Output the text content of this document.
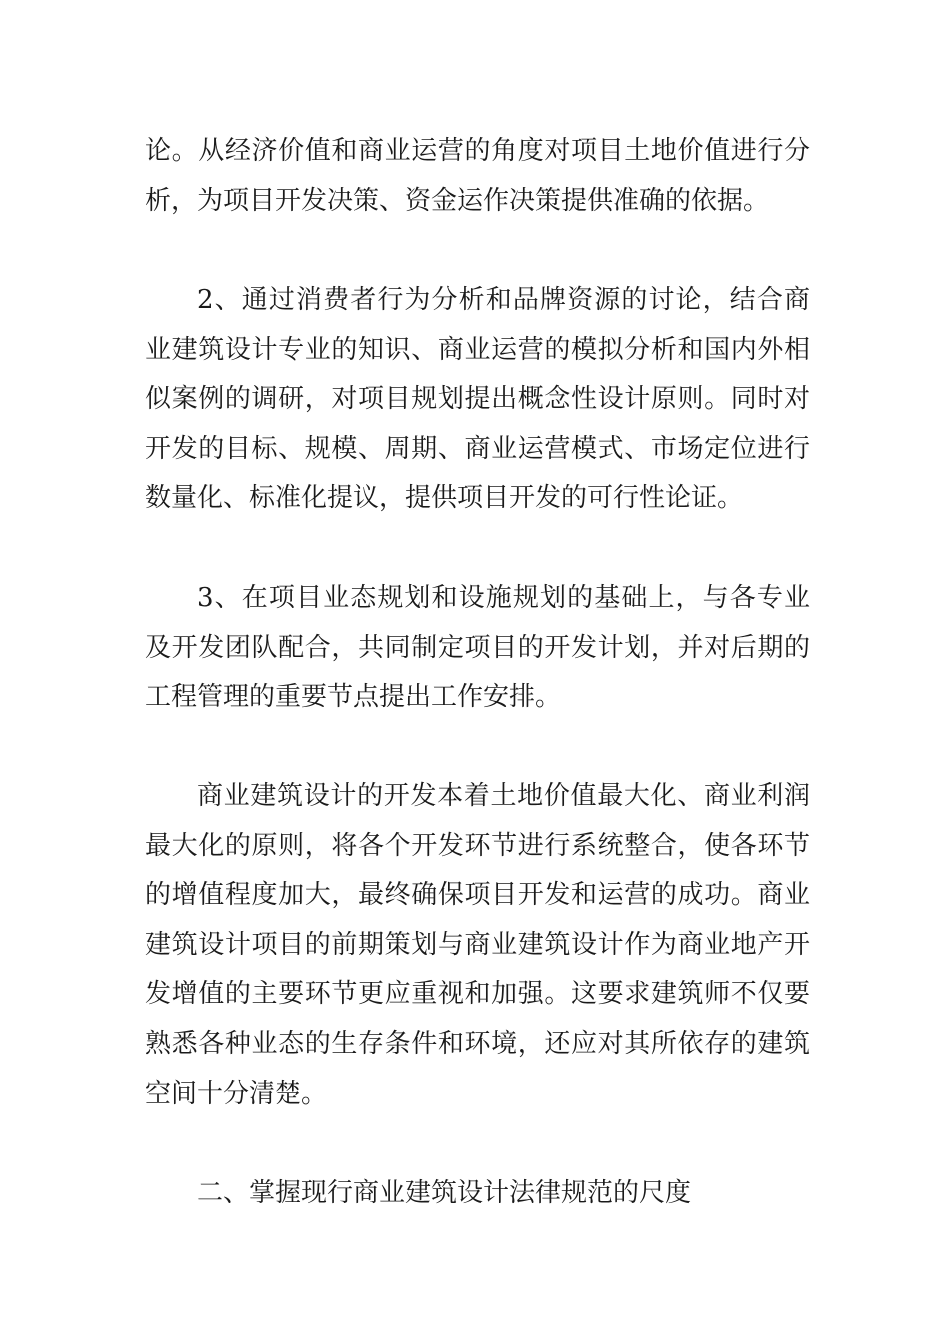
论。从经济价值和商业运营的角度对项目土地价值进行分析，为项目开发决策、资金运作决策提供准确的依据。

2、通过消费者行为分析和品牌资源的讨论，结合商业建筑设计专业的知识、商业运营的模拟分析和国内外相似案例的调研，对项目规划提出概念性设计原则。同时对开发的目标、规模、周期、商业运营模式、市场定位进行数量化、标准化提议，提供项目开发的可行性论证。

3、在项目业态规划和设施规划的基础上，与各专业及开发团队配合，共同制定项目的开发计划，并对后期的工程管理的重要节点提出工作安排。

商业建筑设计的开发本着土地价值最大化、商业利润最大化的原则，将各个开发环节进行系统整合，使各环节的增值程度加大，最终确保项目开发和运营的成功。商业建筑设计项目的前期策划与商业建筑设计作为商业地产开发增值的主要环节更应重视和加强。这要求建筑师不仅要熟悉各种业态的生存条件和环境，还应对其所依存的建筑空间十分清楚。

二、掌握现行商业建筑设计法律规范的尺度
